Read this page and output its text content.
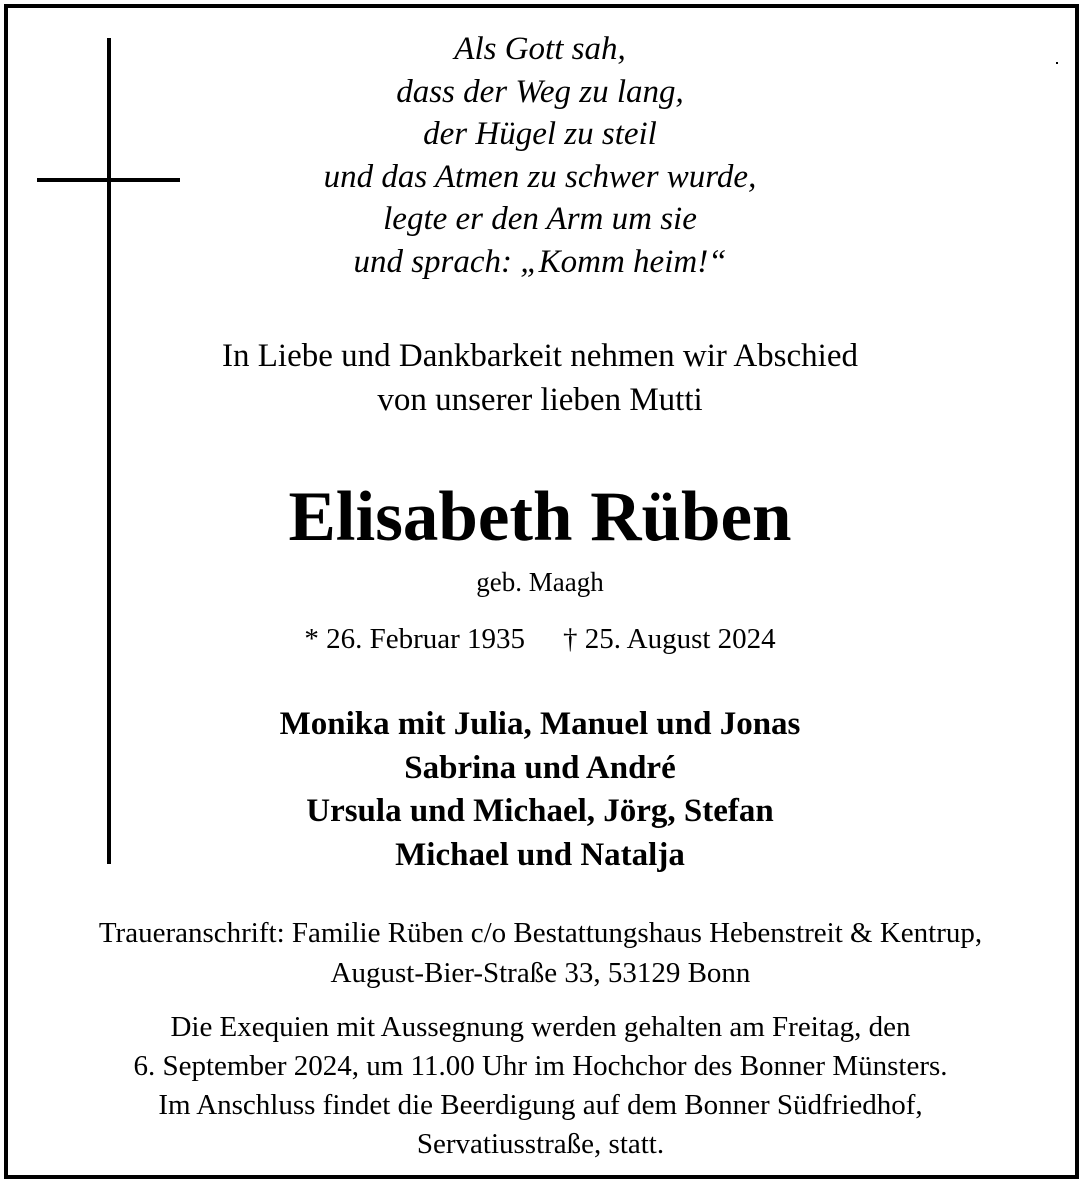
Als Gott sah,
dass der Weg zu lang,
der Hügel zu steil
und das Atmen zu schwer wurde,
legte er den Arm um sie
und sprach: „Komm heim!“
In Liebe und Dankbarkeit nehmen wir Abschied
von unserer lieben Mutti
Elisabeth Rüben
geb. Maagh
* 26. Februar 1935 † 25. August 2024
Monika mit Julia, Manuel und Jonas
Sabrina und André
Ursula und Michael, Jörg, Stefan
Michael und Natalja
Traueranschrift: Familie Rüben c/o Bestattungshaus Hebenstreit & Kentrup,
August-Bier-Straße 33, 53129 Bonn
Die Exequien mit Aussegnung werden gehalten am Freitag, den
6. September 2024, um 11.00 Uhr im Hochchor des Bonner Münsters.
Im Anschluss findet die Beerdigung auf dem Bonner Südfriedhof,
Servatiusstraße, statt.
